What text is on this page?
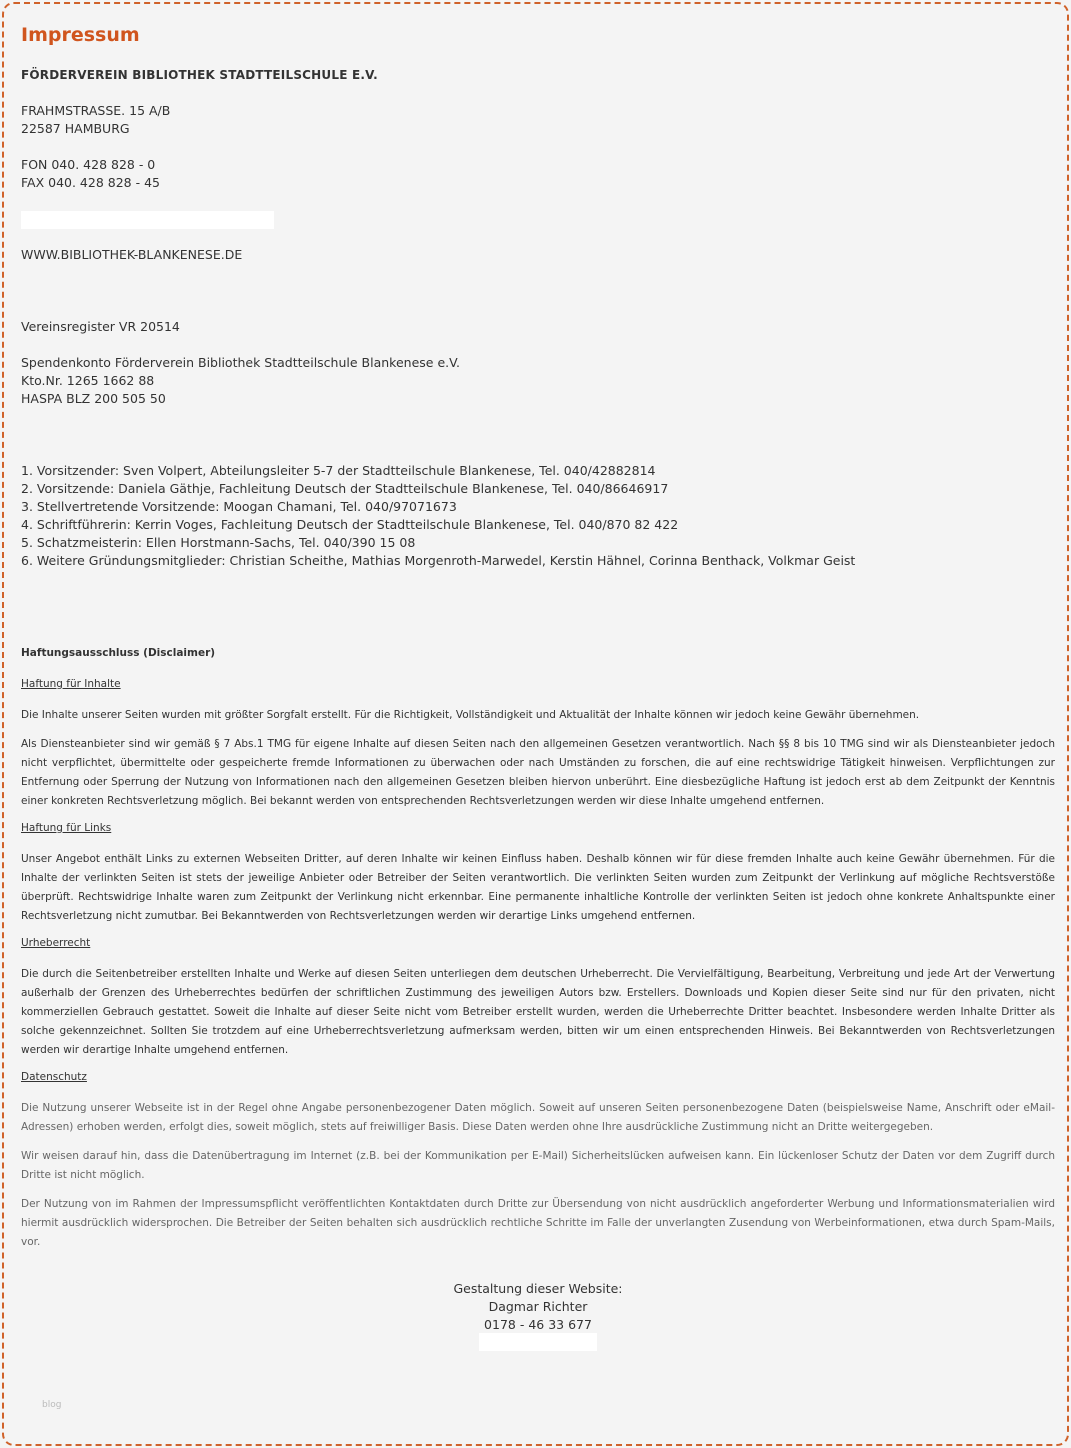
Impressum
FÖRDERVEREIN BIBLIOTHEK STADTTEILSCHULE E.V.
FRAHMSTRASSE. 15 A/B
22587 HAMBURG
FON 040. 428 828 - 0
FAX 040. 428 828 - 45
WWW.BIBLIOTHEK-BLANKENESE.DE
Vereinsregister VR 20514
Spendenkonto Förderverein Bibliothek Stadtteilschule Blankenese e.V.
Kto.Nr. 1265 1662 88
HASPA BLZ 200 505 50
1. Vorsitzender: Sven Volpert, Abteilungsleiter 5-7 der Stadtteilschule Blankenese, Tel. 040/42882814
2. Vorsitzende: Daniela Gäthje, Fachleitung Deutsch der Stadtteilschule Blankenese, Tel. 040/86646917
3. Stellvertretende Vorsitzende: Moogan Chamani, Tel. 040/97071673
4. Schriftführerin: Kerrin Voges, Fachleitung Deutsch der Stadtteilschule Blankenese, Tel. 040/870 82 422
5. Schatzmeisterin: Ellen Horstmann-Sachs, Tel. 040/390 15 08
6. Weitere Gründungsmitglieder: Christian Scheithe, Mathias Morgenroth-Marwedel, Kerstin Hähnel, Corinna Benthack, Volkmar Geist
Haftungsausschluss (Disclaimer)
Haftung für Inhalte
Die Inhalte unserer Seiten wurden mit größter Sorgfalt erstellt. Für die Richtigkeit, Vollständigkeit und Aktualität der Inhalte können wir jedoch keine Gewähr übernehmen.
Als Diensteanbieter sind wir gemäß § 7 Abs.1 TMG für eigene Inhalte auf diesen Seiten nach den allgemeinen Gesetzen verantwortlich. Nach §§ 8 bis 10 TMG sind wir als Diensteanbieter jedoch nicht verpflichtet, übermittelte oder gespeicherte fremde Informationen zu überwachen oder nach Umständen zu forschen, die auf eine rechtswidrige Tätigkeit hinweisen. Verpflichtungen zur Entfernung oder Sperrung der Nutzung von Informationen nach den allgemeinen Gesetzen bleiben hiervon unberührt. Eine diesbezügliche Haftung ist jedoch erst ab dem Zeitpunkt der Kenntnis einer konkreten Rechtsverletzung möglich. Bei bekannt werden von entsprechenden Rechtsverletzungen werden wir diese Inhalte umgehend entfernen.
Haftung für Links
Unser Angebot enthält Links zu externen Webseiten Dritter, auf deren Inhalte wir keinen Einfluss haben. Deshalb können wir für diese fremden Inhalte auch keine Gewähr übernehmen. Für die Inhalte der verlinkten Seiten ist stets der jeweilige Anbieter oder Betreiber der Seiten verantwortlich. Die verlinkten Seiten wurden zum Zeitpunkt der Verlinkung auf mögliche Rechtsverstöße überprüft. Rechtswidrige Inhalte waren zum Zeitpunkt der Verlinkung nicht erkennbar. Eine permanente inhaltliche Kontrolle der verlinkten Seiten ist jedoch ohne konkrete Anhaltspunkte einer Rechtsverletzung nicht zumutbar. Bei Bekanntwerden von Rechtsverletzungen werden wir derartige Links umgehend entfernen.
Urheberrecht
Die durch die Seitenbetreiber erstellten Inhalte und Werke auf diesen Seiten unterliegen dem deutschen Urheberrecht. Die Vervielfältigung, Bearbeitung, Verbreitung und jede Art der Verwertung außerhalb der Grenzen des Urheberrechtes bedürfen der schriftlichen Zustimmung des jeweiligen Autors bzw. Erstellers. Downloads und Kopien dieser Seite sind nur für den privaten, nicht kommerziellen Gebrauch gestattet. Soweit die Inhalte auf dieser Seite nicht vom Betreiber erstellt wurden, werden die Urheberrechte Dritter beachtet. Insbesondere werden Inhalte Dritter als solche gekennzeichnet. Sollten Sie trotzdem auf eine Urheberrechtsverletzung aufmerksam werden, bitten wir um einen entsprechenden Hinweis. Bei Bekanntwerden von Rechtsverletzungen werden wir derartige Inhalte umgehend entfernen.
Datenschutz
Die Nutzung unserer Webseite ist in der Regel ohne Angabe personenbezogener Daten möglich. Soweit auf unseren Seiten personenbezogene Daten (beispielsweise Name, Anschrift oder eMail-Adressen) erhoben werden, erfolgt dies, soweit möglich, stets auf freiwilliger Basis. Diese Daten werden ohne Ihre ausdrückliche Zustimmung nicht an Dritte weitergegeben.
Wir weisen darauf hin, dass die Datenübertragung im Internet (z.B. bei der Kommunikation per E-Mail) Sicherheitslücken aufweisen kann. Ein lückenloser Schutz der Daten vor dem Zugriff durch Dritte ist nicht möglich.
Der Nutzung von im Rahmen der Impressumspflicht veröffentlichten Kontaktdaten durch Dritte zur Übersendung von nicht ausdrücklich angeforderter Werbung und Informationsmaterialien wird hiermit ausdrücklich widersprochen. Die Betreiber der Seiten behalten sich ausdrücklich rechtliche Schritte im Falle der unverlangten Zusendung von Werbeinformationen, etwa durch Spam-Mails, vor.
Gestaltung dieser Website:
Dagmar Richter
0178 - 46 33 677
blog
